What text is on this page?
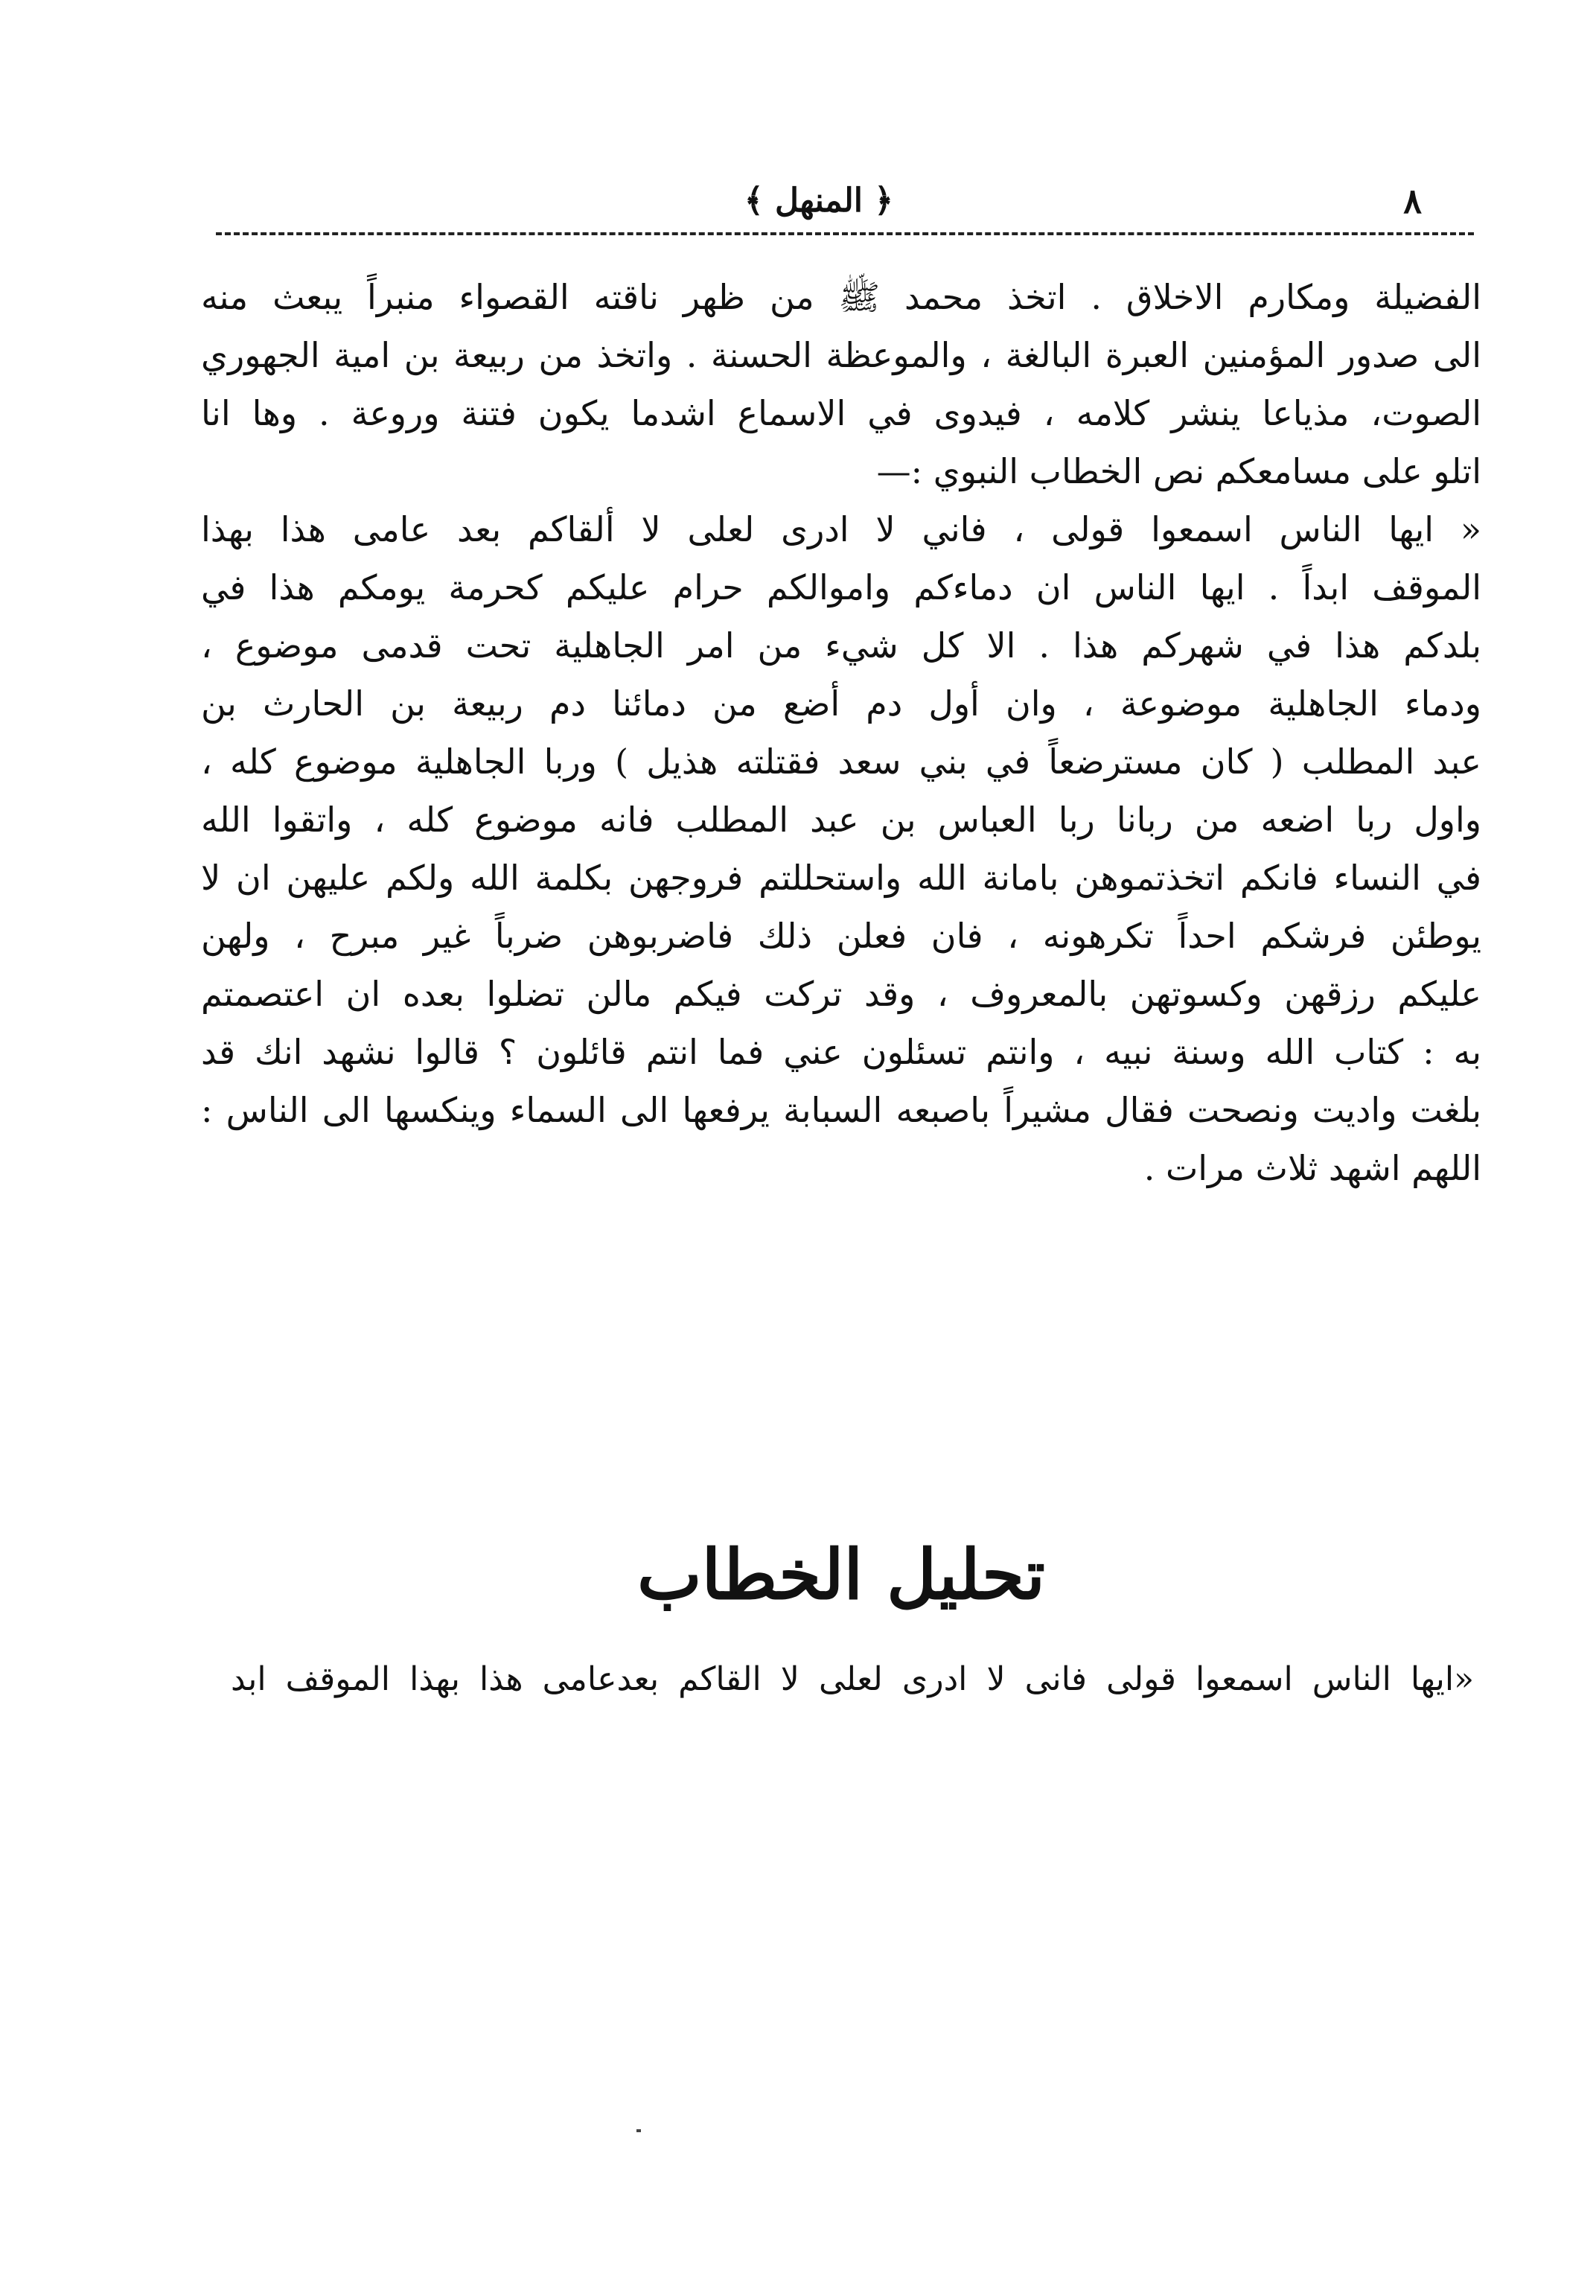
٨
﴿ المنهل ﴾
الفضيلة ومكارم الاخلاق . اتخذ محمد ﷺ من ظهر ناقته القصواء منبراً يبعث منه
الى صدور المؤمنين العبرة البالغة ، والموعظة الحسنة . واتخذ من ربيعة بن امية الجهوري
الصوت، مذياعا ينشر كلامه ، فيدوى في الاسماع اشدما يكون فتنة وروعة . وها انا
اتلو على مسامعكم نص الخطاب النبوي :—
« ايها الناس اسمعوا قولى ، فاني لا ادرى لعلى لا ألقاكم بعد عامى هذا بهذا
الموقف ابداً . ايها الناس ان دماءكم واموالكم حرام عليكم كحرمة يومكم هذا في
بلدكم هذا في شهركم هذا . الا كل شيء من امر الجاهلية تحت قدمى موضوع ،
ودماء الجاهلية موضوعة ، وان أول دم أضع من دمائنا دم ربيعة بن الحارث بن
عبد المطلب ( كان مسترضعاً في بني سعد فقتلته هذيل ) وربا الجاهلية موضوع كله ،
واول ربا اضعه من ربانا ربا العباس بن عبد المطلب فانه موضوع كله ، واتقوا الله
في النساء فانكم اتخذتموهن بامانة الله واستحللتم فروجهن بكلمة الله ولكم عليهن ان لا
يوطئن فرشكم احداً تكرهونه ، فان فعلن ذلك فاضربوهن ضرباً غير مبرح ، ولهن
عليكم رزقهن وكسوتهن بالمعروف ، وقد تركت فيكم مالن تضلوا بعده ان اعتصمتم
به : كتاب الله وسنة نبيه ، وانتم تسئلون عني فما انتم قائلون ؟ قالوا نشهد انك قد
بلغت واديت ونصحت فقال مشيراً باصبعه السبابة يرفعها الى السماء وينكسها الى الناس :
اللهم اشهد ثلاث مرات .
تحليل الخطاب
«ايها الناس اسمعوا قولى فانى لا ادرى لعلى لا القاكم بعدعامى هذا بهذا الموقف ابد
